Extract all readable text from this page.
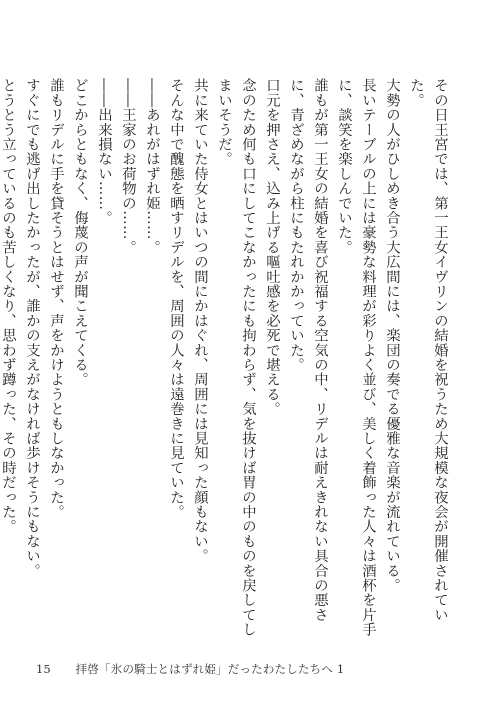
その日王宮では、第一王女イヴリンの結婚を祝うため大規模な夜会が開催されていた。

大勢の人がひしめき合う大広間には、楽団の奏でる優雅な音楽が流れている。

長いテーブルの上には豪勢な料理が彩りよく並び、美しく着飾った人々は酒杯を片手に、談笑を楽しんでいた。

誰もが第一王女の結婚を喜び祝福する空気の中、リデルは耐えきれない具合の悪さに、青ざめながら柱にもたれかかっていた。

口元を押さえ、込み上げる嘔吐感を必死で堪える。

念のため何も口にしてこなかったにも拘わらず、気を抜けば胃の中のものを戻してしまいそうだ。

共に来ていた侍女とはいつの間にかはぐれ、周囲には見知った顔もない。

そんな中で醜態を晒すリデルを、周囲の人々は遠巻きに見ていた。

――あれがはずれ姫……。

――王家のお荷物の……。

――出来損ない……。

どこからともなく、侮蔑の声が聞こえてくる。

誰もリデルに手を貸そうとはせず、声をかけようともしなかった。

すぐにでも逃げ出したかったが、誰かの支えがなければ歩けそうにもない。

とうとう立っているのも苦しくなり、思わず蹲った、その時だった。

15 拝啓「氷の騎士とはずれ姫」だったわたしたちへ 1
